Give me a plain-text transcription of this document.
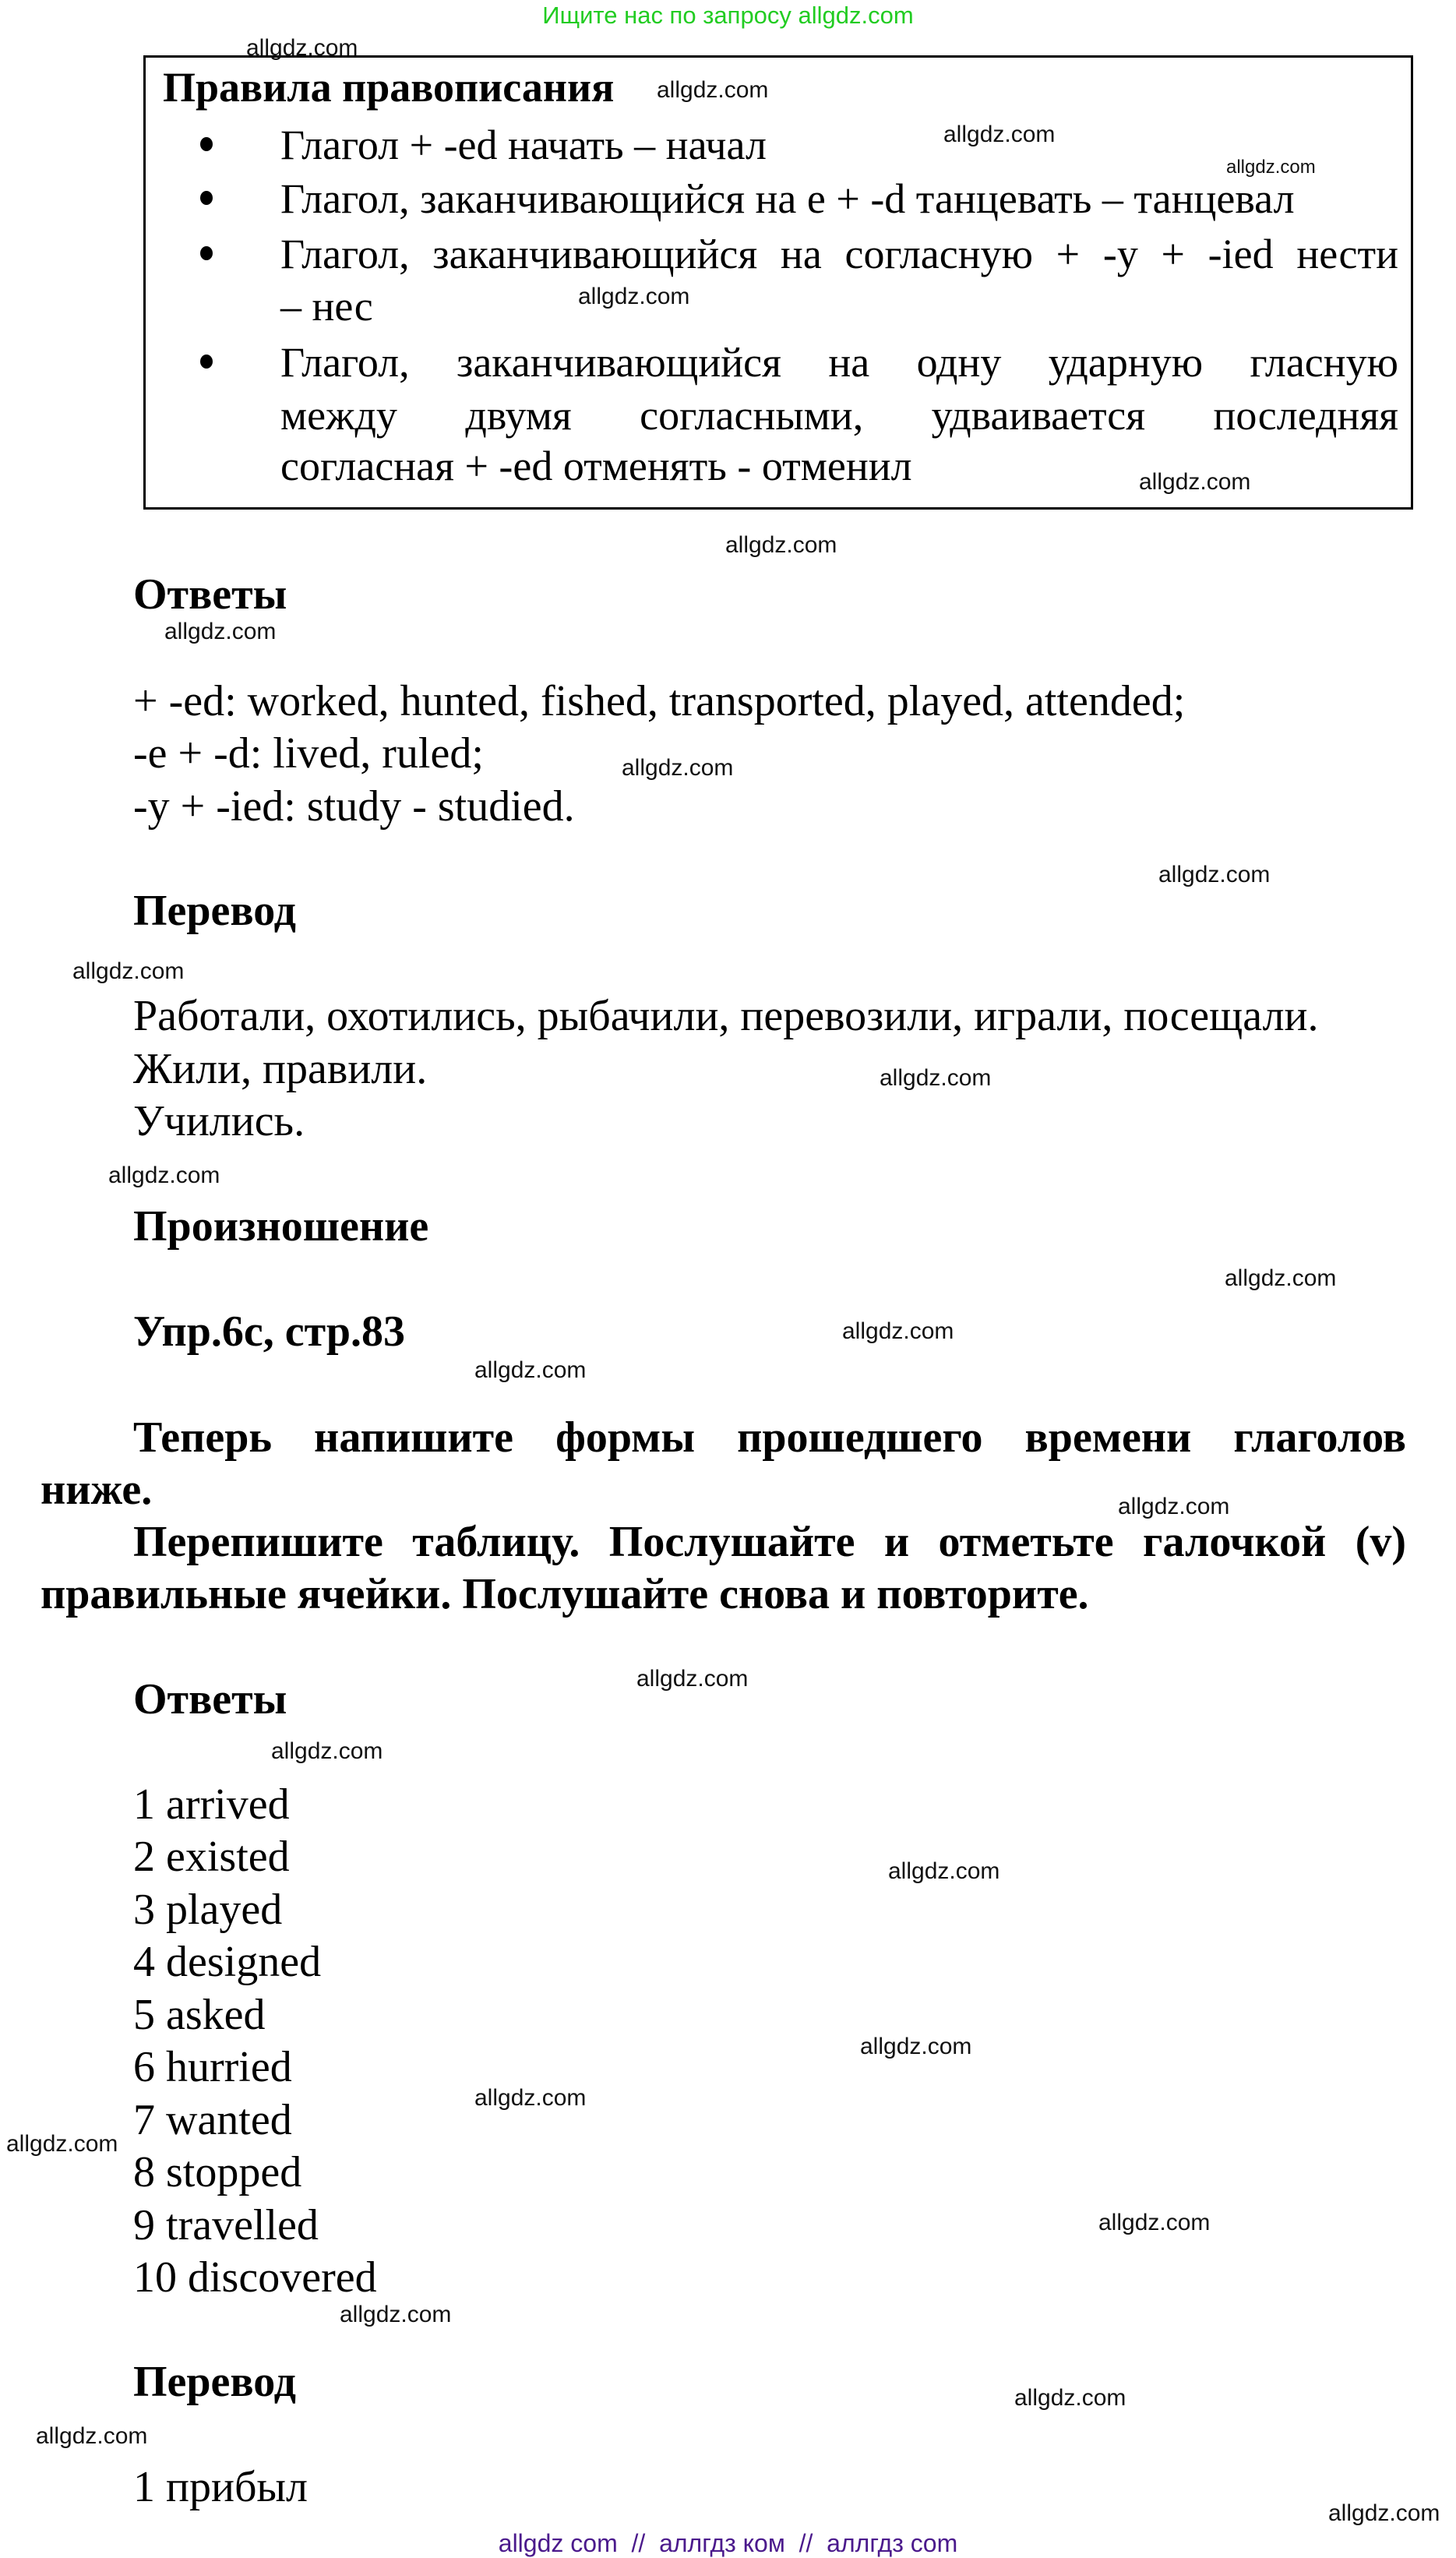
Ищите нас по запросу allgdz.com
Правила правописания
Глагол + -ed начать – начал
Глагол, заканчивающийся на e + -d танцевать – танцевал
Глагол, заканчивающийся на согласную + -y + -ied нести
– нес
Глагол, заканчивающийся на одну ударную гласную
между двумя согласными, удваивается последняя
согласная + -ed отменять - отменил
Ответы
+ -ed: worked, hunted, fished, transported, played, attended;
-e + -d: lived, ruled;
-y + -ied: study - studied.
Перевод
Работали, охотились, рыбачили, перевозили, играли, посещали.
Жили, правили.
Учились.
Произношение
Упр.6с, стр.83
Теперь напишите формы прошедшего времени глаголов
ниже.
Перепишите таблицу. Послушайте и отметьте галочкой (v)
правильные ячейки. Послушайте снова и повторите.
Ответы
1 arrived
2 existed
3 played
4 designed
5 asked
6 hurried
7 wanted
8 stopped
9 travelled
10 discovered
Перевод
1 прибыл
allgdz.com
allgdz.com
allgdz.com
allgdz.com
allgdz.com
allgdz.com
allgdz.com
allgdz.com
allgdz.com
allgdz.com
allgdz.com
allgdz.com
allgdz.com
allgdz.com
allgdz.com
allgdz.com
allgdz.com
allgdz.com
allgdz.com
allgdz.com
allgdz.com
allgdz.com
allgdz.com
allgdz.com
allgdz.com
allgdz.com
allgdz.com
allgdz.com
allgdz com  //  аллгдз ком  //  аллгдз com
